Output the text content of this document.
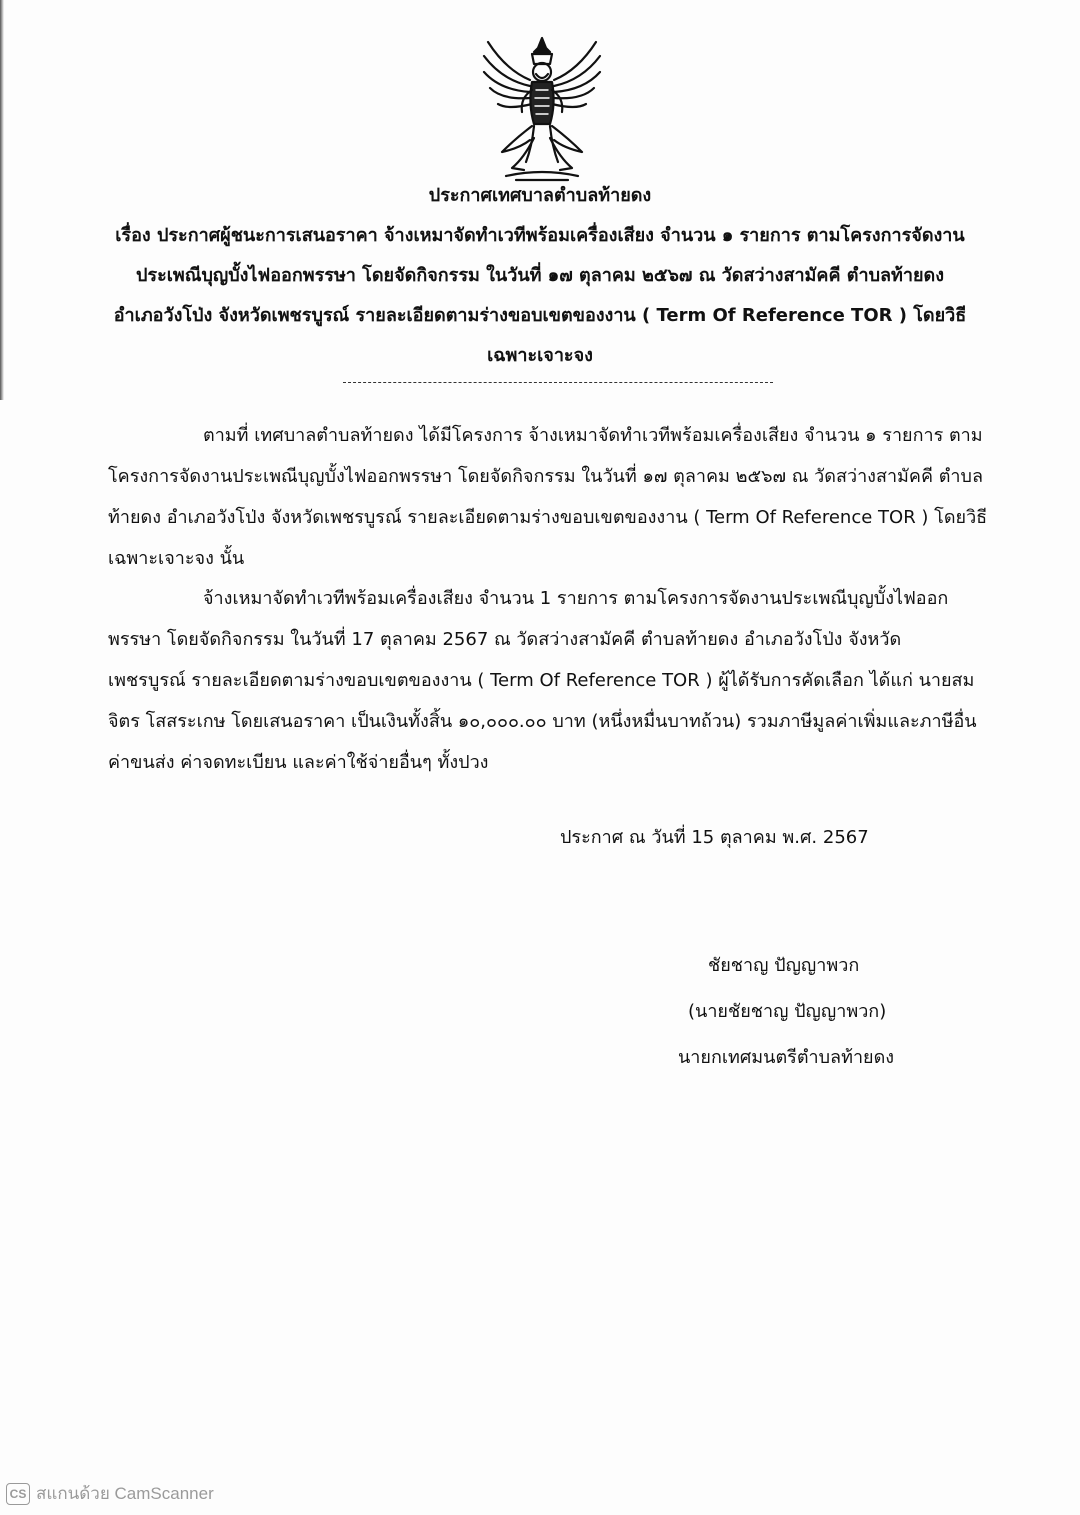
ประกาศเทศบาลตำบลท้ายดง
เรื่อง ประกาศผู้ชนะการเสนอราคา จ้างเหมาจัดทำเวทีพร้อมเครื่องเสียง จำนวน ๑ รายการ ตามโครงการจัดงาน
ประเพณีบุญบั้งไฟออกพรรษา โดยจัดกิจกรรม ในวันที่ ๑๗ ตุลาคม ๒๕๖๗ ณ วัดสว่างสามัคคี ตำบลท้ายดง
อำเภอวังโป่ง จังหวัดเพชรบูรณ์ รายละเอียดตามร่างขอบเขตของงาน ( Term Of Reference TOR ) โดยวิธี
เฉพาะเจาะจง
ตามที่ เทศบาลตำบลท้ายดง ได้มีโครงการ จ้างเหมาจัดทำเวทีพร้อมเครื่องเสียง จำนวน ๑ รายการ ตาม
โครงการจัดงานประเพณีบุญบั้งไฟออกพรรษา โดยจัดกิจกรรม ในวันที่ ๑๗ ตุลาคม ๒๕๖๗ ณ วัดสว่างสามัคคี ตำบล
ท้ายดง อำเภอวังโป่ง จังหวัดเพชรบูรณ์ รายละเอียดตามร่างขอบเขตของงาน ( Term Of Reference TOR ) โดยวิธี
เฉพาะเจาะจง นั้น
จ้างเหมาจัดทำเวทีพร้อมเครื่องเสียง จำนวน 1 รายการ ตามโครงการจัดงานประเพณีบุญบั้งไฟออก
พรรษา โดยจัดกิจกรรม ในวันที่ 17 ตุลาคม 2567 ณ วัดสว่างสามัคคี ตำบลท้ายดง อำเภอวังโป่ง จังหวัด
เพชรบูรณ์ รายละเอียดตามร่างขอบเขตของงาน ( Term Of Reference TOR ) ผู้ได้รับการคัดเลือก ได้แก่ นายสม
จิตร โสสระเกษ โดยเสนอราคา เป็นเงินทั้งสิ้น ๑๐,๐๐๐.๐๐ บาท (หนึ่งหมื่นบาทถ้วน) รวมภาษีมูลค่าเพิ่มและภาษีอื่น
ค่าขนส่ง ค่าจดทะเบียน และค่าใช้จ่ายอื่นๆ ทั้งปวง
ประกาศ ณ วันที่ 15 ตุลาคม พ.ศ. 2567
ชัยชาญ ปัญญาพวก
(นายชัยชาญ ปัญญาพวก)
นายกเทศมนตรีตำบลท้ายดง
CS สแกนด้วย CamScanner
